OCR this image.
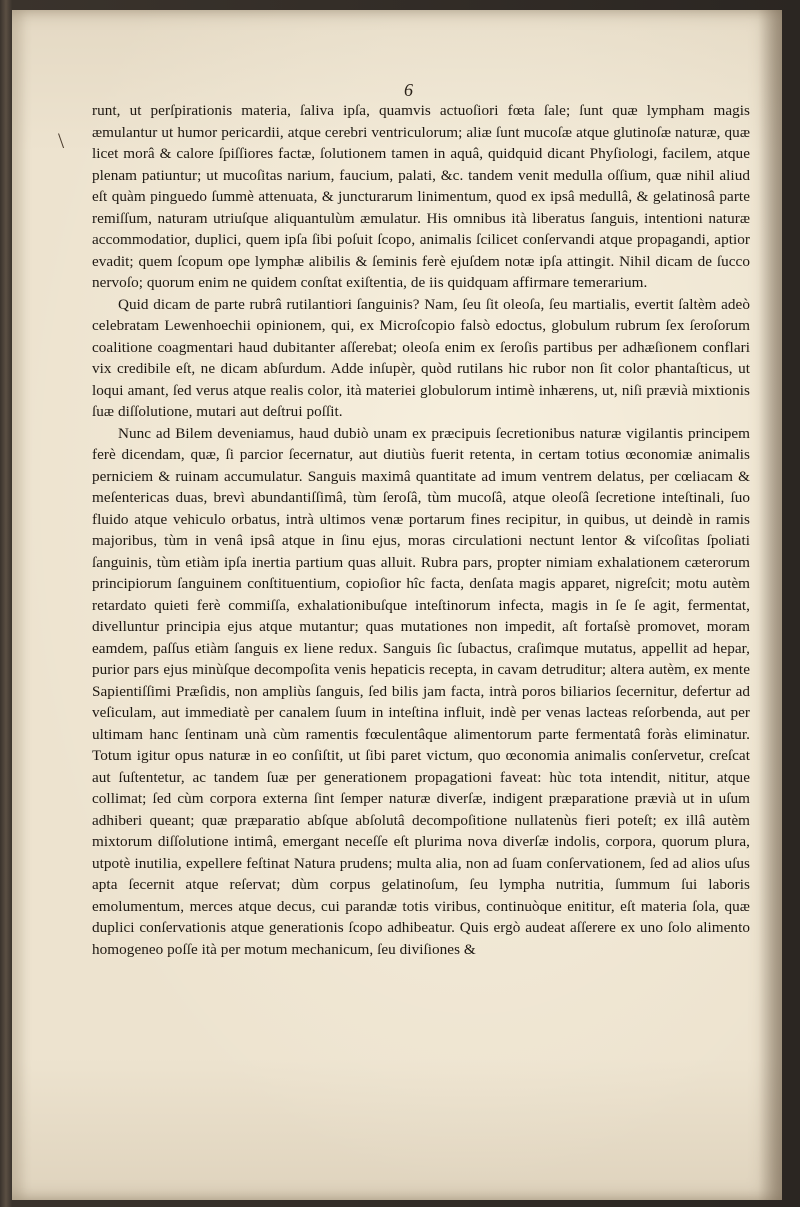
6
\

runt, ut perſpirationis materia, ſaliva ipſa, quamvis actuoſiori fœta ſale; ſunt quæ lympham magis æmulantur ut humor pericardii, atque cerebri ventriculorum; aliæ ſunt mucoſæ atque glutinoſæ naturæ, quæ licet morâ & calore ſpiſſiores factæ, ſolutionem tamen in aquâ, quidquid dicant Phyſiologi, facilem, atque plenam patiuntur; ut mucoſitas narium, faucium, palati, &c. tandem venit medulla oſſium, quæ nihil aliud eſt quàm pinguedo ſummè attenuata, & juncturarum linimentum, quod ex ipsâ medullâ, & gelatinosâ parte remiſſum, naturam utriuſque aliquantulùm æmulatur. His omnibus ità liberatus ſanguis, intentioni naturæ accommodatior, duplici, quem ipſa ſibi poſuit ſcopo, animalis ſcilicet conſervandi atque propagandi, aptior evadit; quem ſcopum ope lymphæ alibilis & ſeminis ferè ejuſdem notæ ipſa attingit. Nihil dicam de ſucco nervoſo; quorum enim ne quidem conſtat exiſtentia, de iis quidquam affirmare temerarium.

Quid dicam de parte rubrâ rutilantiori ſanguinis? Nam, ſeu ſit oleoſa, ſeu martialis, evertit ſaltèm adeò celebratam Lewenhoechii opinionem, qui, ex Microſcopio falsò edoctus, globulum rubrum ſex ſeroſorum coalitione coagmentari haud dubitanter aſſerebat; oleoſa enim ex ſeroſis partibus per adhæſionem conflari vix credibile eſt, ne dicam abſurdum. Adde inſupèr, quòd rutilans hic rubor non ſit color phantaſticus, ut loqui amant, ſed verus atque realis color, ità materiei globulorum intimè inhærens, ut, niſi prævià mixtionis ſuæ diſſolutione, mutari aut deſtrui poſſit.

Nunc ad Bilem deveniamus, haud dubiò unam ex præcipuis ſecretionibus naturæ vigilantis principem ferè dicendam, quæ, ſi parcior ſecernatur, aut diutiùs fuerit retenta, in certam totius œconomiæ animalis perniciem & ruinam accumulatur. Sanguis maximâ quantitate ad imum ventrem delatus, per cœliacam & meſentericas duas, brevì abundantiſſimâ, tùm ſeroſâ, tùm mucoſâ, atque oleoſâ ſecretione inteſtinali, ſuo fluido atque vehiculo orbatus, intrà ultimos venæ portarum fines recipitur, in quibus, ut deindè in ramis majoribus, tùm in venâ ipsâ atque in ſinu ejus, moras circulationi nectunt lentor & viſcoſitas ſpoliati ſanguinis, tùm etiàm ipſa inertia partium quas alluit. Rubra pars, propter nimiam exhalationem cæterorum principiorum ſanguinem conſtituentium, copioſior hîc facta, denſata magis apparet, nigreſcit; motu autèm retardato quieti ferè commiſſa, exhalationibuſque inteſtinorum infecta, magis in ſe ſe agit, fermentat, divelluntur principia ejus atque mutantur; quas mutationes non impedit, aſt fortaſsè promovet, moram eamdem, paſſus etiàm ſanguis ex liene redux. Sanguis ſic ſubactus, craſimque mutatus, appellit ad hepar, purior pars ejus minùſque decompoſita venis hepaticis recepta, in cavam detruditur; altera autèm, ex mente Sapientiſſimi Præſidis, non ampliùs ſanguis, ſed bilis jam facta, intrà poros biliarios ſecernitur, defertur ad veſiculam, aut immediatè per canalem ſuum in inteſtina influit, indè per venas lacteas reſorbenda, aut per ultimam hanc ſentinam unà cùm ramentis fœculentâque alimentorum parte fermentatâ foràs eliminatur. Totum igitur opus naturæ in eo conſiſtit, ut ſibi paret victum, quo œconomia animalis conſervetur, creſcat aut ſuſtentetur, ac tandem ſuæ per generationem propagationi faveat: hùc tota intendit, nititur, atque collimat; ſed cùm corpora externa ſint ſemper naturæ diverſæ, indigent præparatione prævià ut in uſum adhiberi queant; quæ præparatio abſque abſolutâ decompoſitione nullatenùs fieri poteſt; ex illâ autèm mixtorum diſſolutione intimâ, emergant neceſſe eſt plurima nova diverſæ indolis, corpora, quorum plura, utpotè inutilia, expellere feſtinat Natura prudens; multa alia, non ad ſuam conſervationem, ſed ad alios uſus apta ſecernit atque reſervat; dùm corpus gelatinoſum, ſeu lympha nutritia, ſummum ſui laboris emolumentum, merces atque decus, cui parandæ totis viribus, continuòque enititur, eſt materia ſola, quæ duplici conſervationis atque generationis ſcopo adhibeatur. Quis ergò audeat aſſerere ex uno ſolo alimento homogeneo poſſe ità per motum mechanicum, ſeu diviſiones &
